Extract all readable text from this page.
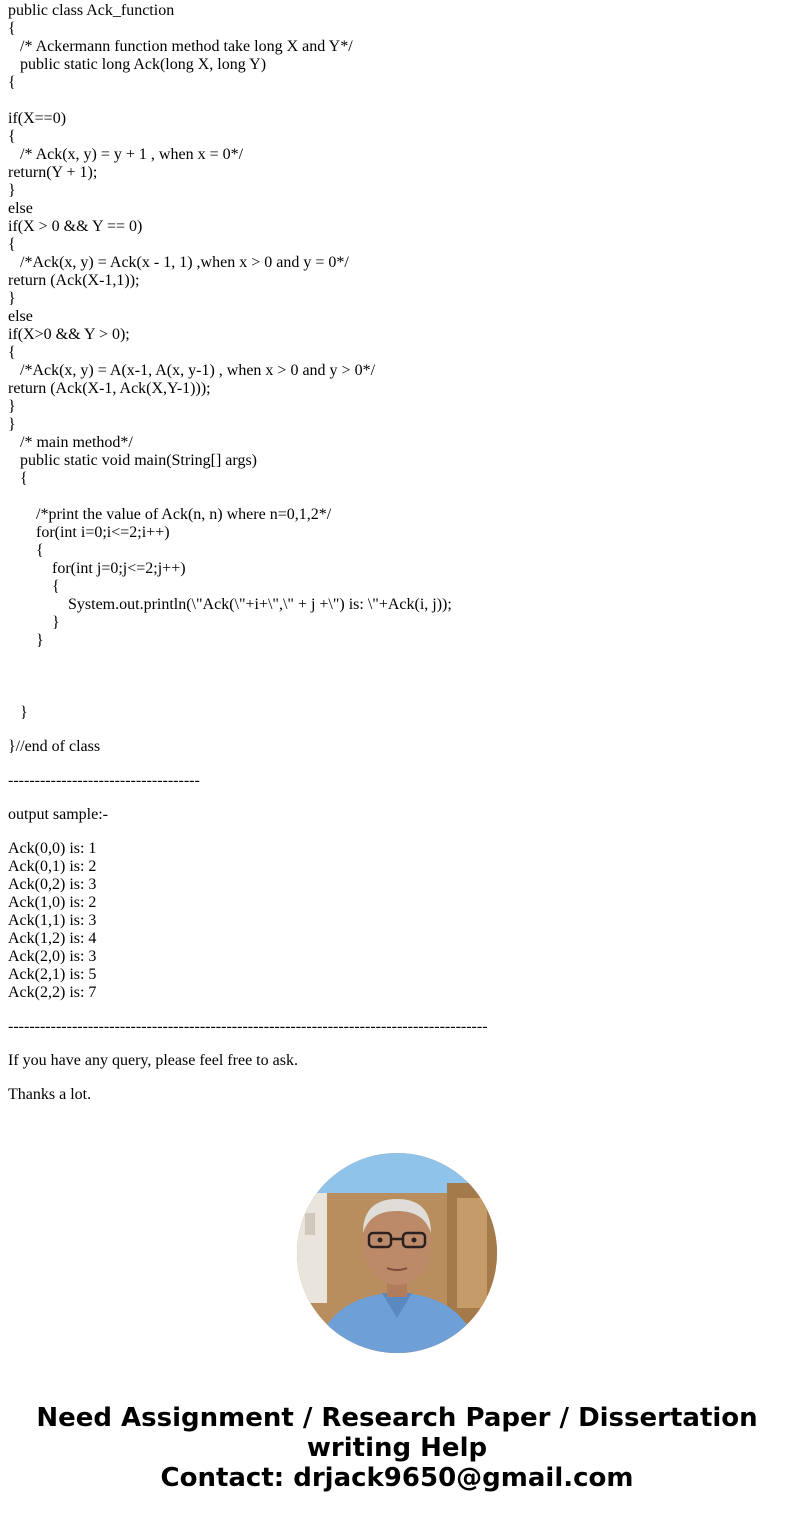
public class Ack_function
{
/* Ackermann function method take long X and Y*/
public static long Ack(long X, long Y)
{

if(X==0)
{
/* Ack(x, y) = y + 1 , when x = 0*/
return(Y + 1);
}
else
if(X > 0 && Y == 0)
{
/*Ack(x, y) = Ack(x - 1, 1) ,when x > 0 and y = 0*/
return (Ack(X-1,1));
}
else
if(X>0 && Y > 0);
{
/*Ack(x, y) = A(x-1, A(x, y-1) , when x > 0 and y > 0*/
return (Ack(X-1, Ack(X,Y-1)));
}
}
/* main method*/
public static void main(String[] args)
{

/*print the value of Ack(n, n) where n=0,1,2*/
for(int i=0;i<=2;i++)
{
for(int j=0;j<=2;j++)
{
System.out.println(\"Ack(\"+i+\",\" + j +\") is: \"+Ack(i, j));
}
}

}

}//end of class

------------------------------------

output sample:-

Ack(0,0) is: 1
Ack(0,1) is: 2
Ack(0,2) is: 3
Ack(1,0) is: 2
Ack(1,1) is: 3
Ack(1,2) is: 4
Ack(2,0) is: 3
Ack(2,1) is: 5
Ack(2,2) is: 7

------------------------------------------------------------------------------------------

If you have any query, please feel free to ask.

Thanks a lot.

Need Assignment / Research Paper / Dissertation
writing Help
Contact: drjack9650@gmail.com
